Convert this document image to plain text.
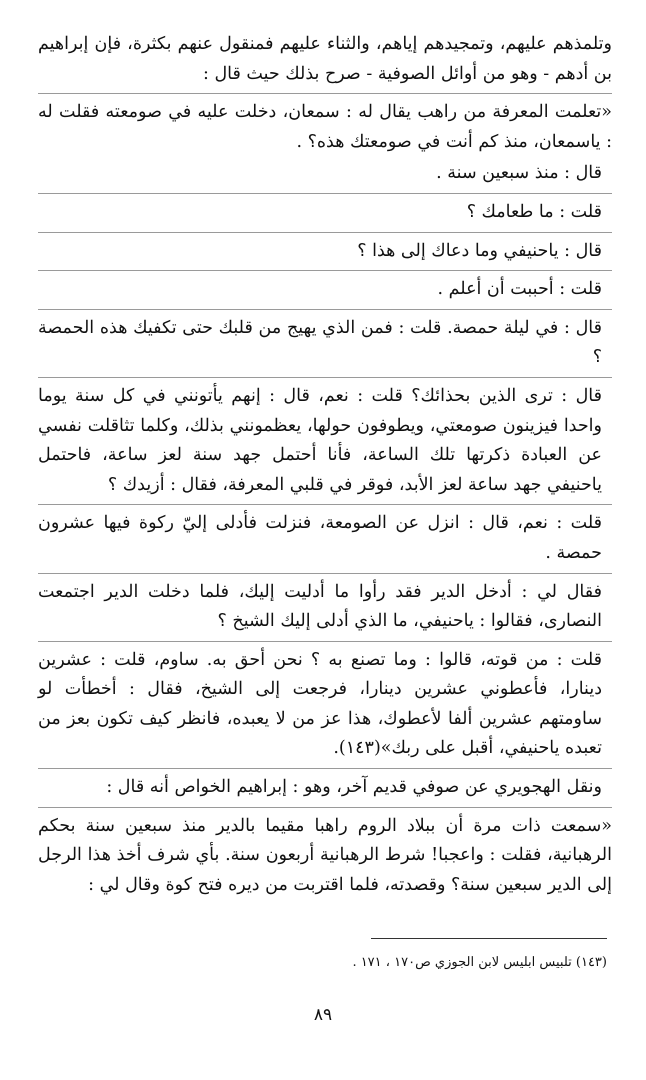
وتلمذهم عليهم، وتمجيدهم إياهم، والثناء عليهم فمنقول عنهم بكثرة، فإن إبراهيم بن أدهم - وهو من أوائل الصوفية - صرح بذلك حيث قال :

«تعلمت المعرفة من راهب يقال له : سمعان، دخلت عليه في صومعته فقلت له : ياسمعان، منذ كم أنت في صومعتك هذه؟ .

قال : منذ سبعين سنة .

قلت : ما طعامك ؟

قال : ياحنيفي وما دعاك إلى هذا ؟

قلت : أحببت أن أعلم .

قال : في ليلة حمصة. قلت : فمن الذي يهيج من قلبك حتى تكفيك هذه الحمصة ؟

قال : ترى الذين بحذائك؟ قلت : نعم، قال : إنهم يأتونني في كل سنة يوما واحدا فيزينون صومعتي، ويطوفون حولها، يعظمونني بذلك، وكلما تثاقلت نفسي عن العبادة ذكرتها تلك الساعة، فأنا أحتمل جهد سنة لعز ساعة، فاحتمل ياحنيفي جهد ساعة لعز الأبد، فوقر في قلبي المعرفة، فقال : أزيدك ؟

قلت : نعم، قال : انزل عن الصومعة، فنزلت فأدلى إليّ ركوة فيها عشرون حمصة .

فقال لي : أدخل الدير فقد رأوا ما أدليت إليك، فلما دخلت الدير اجتمعت النصارى، فقالوا : ياحنيفي، ما الذي أدلى إليك الشيخ ؟

قلت : من قوته، قالوا : وما تصنع به ؟ نحن أحق به. ساوم، قلت : عشرين دينارا، فأعطوني عشرين دينارا، فرجعت إلى الشيخ، فقال : أخطأت لو ساومتهم عشرين ألفا لأعطوك، هذا عز من لا يعبده، فانظر كيف تكون بعز من تعبده ياحنيفي، أقبل على ربك»(١٤٣).

ونقل الهجويري عن صوفي قديم آخر، وهو : إبراهيم الخواص أنه قال :

«سمعت ذات مرة أن ببلاد الروم راهبا مقيما بالدير منذ سبعين سنة بحكم الرهبانية، فقلت : واعجبا! شرط الرهبانية أربعون سنة. بأي شرف أخذ هذا الرجل إلى الدير سبعين سنة؟ وقصدته، فلما اقتربت من ديره فتح كوة وقال لي :

(١٤٣) تلبيس ابليس لابن الجوزي ص١٧٠ ، ١٧١ .
٨٩
